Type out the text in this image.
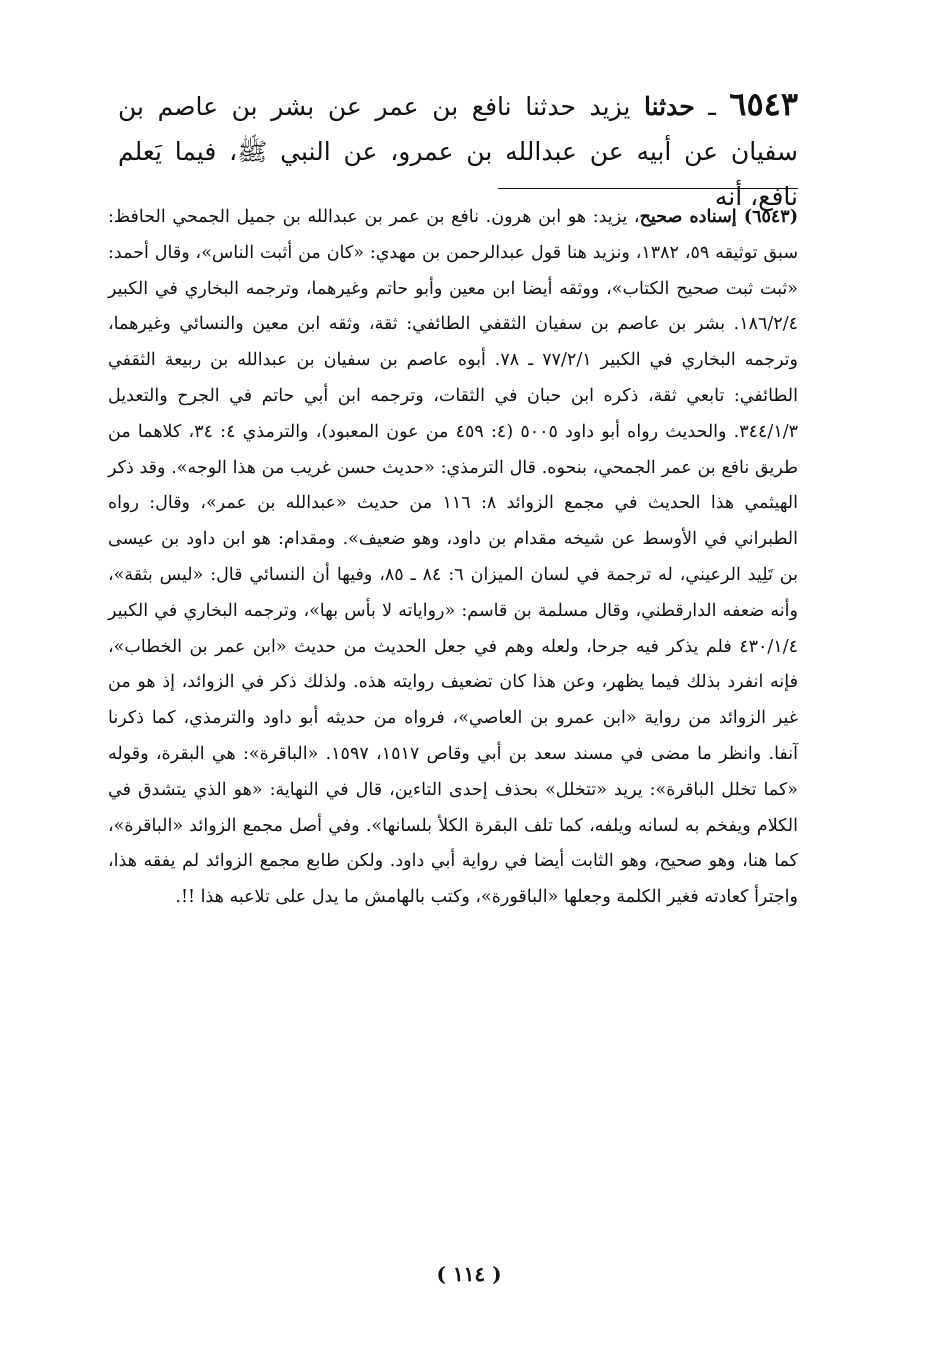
٦٥٤٣ ـ حدثنا يزيد حدثنا نافع بن عمر عن بشر بن عاصم بن سفيان عن أبيه عن عبدالله بن عمرو، عن النبي ﷺ، فيما يَعلم نافع، أنه
(٦٥٤٣) إسناده صحيح، يزيد: هو ابن هرون. نافع بن عمر بن عبدالله بن جميل الجمحي الحافظ: سبق توثيقه ٥٩، ١٣٨٢، ونزيد هنا قول عبدالرحمن بن مهدي: «كان من أثبت الناس»، وقال أحمد: «ثبت ثبت صحيح الكتاب»، ووثقه أيضا ابن معين وأبو حاتم وغيرهما، وترجمه البخاري في الكبير ١٨٦/٢/٤. بشر بن عاصم بن سفيان الثقفي الطائفي: ثقة، وثقه ابن معين والنسائي وغيرهما، وترجمه البخاري في الكبير ٧٧/٢/١ ـ ٧٨. أبوه عاصم بن سفيان بن عبدالله بن ربيعة الثقفي الطائفي: تابعي ثقة، ذكره ابن حبان في الثقات، وترجمه ابن أبي حاتم في الجرح والتعديل ٣٤٤/١/٣. والحديث رواه أبو داود ٥٠٠٥ (٤: ٤٥٩ من عون المعبود)، والترمذي ٤: ٣٤، كلاهما من طريق نافع بن عمر الجمحي، بنحوه. قال الترمذي: «حديث حسن غريب من هذا الوجه». وقد ذكر الهيثمي هذا الحديث في مجمع الزوائد ٨: ١١٦ من حديث «عبدالله بن عمر»، وقال: رواه الطبراني في الأوسط عن شيخه مقدام بن داود، وهو ضعيف». ومقدام: هو ابن داود بن عيسى بن تَلِيد الرعيني، له ترجمة في لسان الميزان ٦: ٨٤ ـ ٨٥، وفيها أن النسائي قال: «ليس بثقة»، وأنه ضعفه الدارقطني، وقال مسلمة بن قاسم: «رواياته لا بأس بها»، وترجمه البخاري في الكبير ٤٣٠/١/٤ فلم يذكر فيه جرحا، ولعله وهم في جعل الحديث من حديث «ابن عمر بن الخطاب»، فإنه انفرد بذلك فيما يظهر، وعن هذا كان تضعيف روايته هذه. ولذلك ذكر في الزوائد، إذ هو من غير الزوائد من رواية «ابن عمرو بن العاصي»، فرواه من حديثه أبو داود والترمذي، كما ذكرنا آنفا. وانظر ما مضى في مسند سعد بن أبي وقاص ١٥١٧، ١٥٩٧. «الباقرة»: هي البقرة، وقوله «كما تخلل الباقرة»: يريد «تتخلل» بحذف إحدى التاءين، قال في النهاية: «هو الذي يتشدق في الكلام ويفخم به لسانه ويلفه، كما تلف البقرة الكلأ بلسانها». وفي أصل مجمع الزوائد «الباقرة»، كما هنا، وهو صحيح، وهو الثابت أيضا في رواية أبي داود. ولكن طابع مجمع الزوائد لم يفقه هذا، واجترأ كعادته فغير الكلمة وجعلها «الباقورة»، وكتب بالهامش ما يدل على تلاعبه هذا !!.
( ١١٤ )
